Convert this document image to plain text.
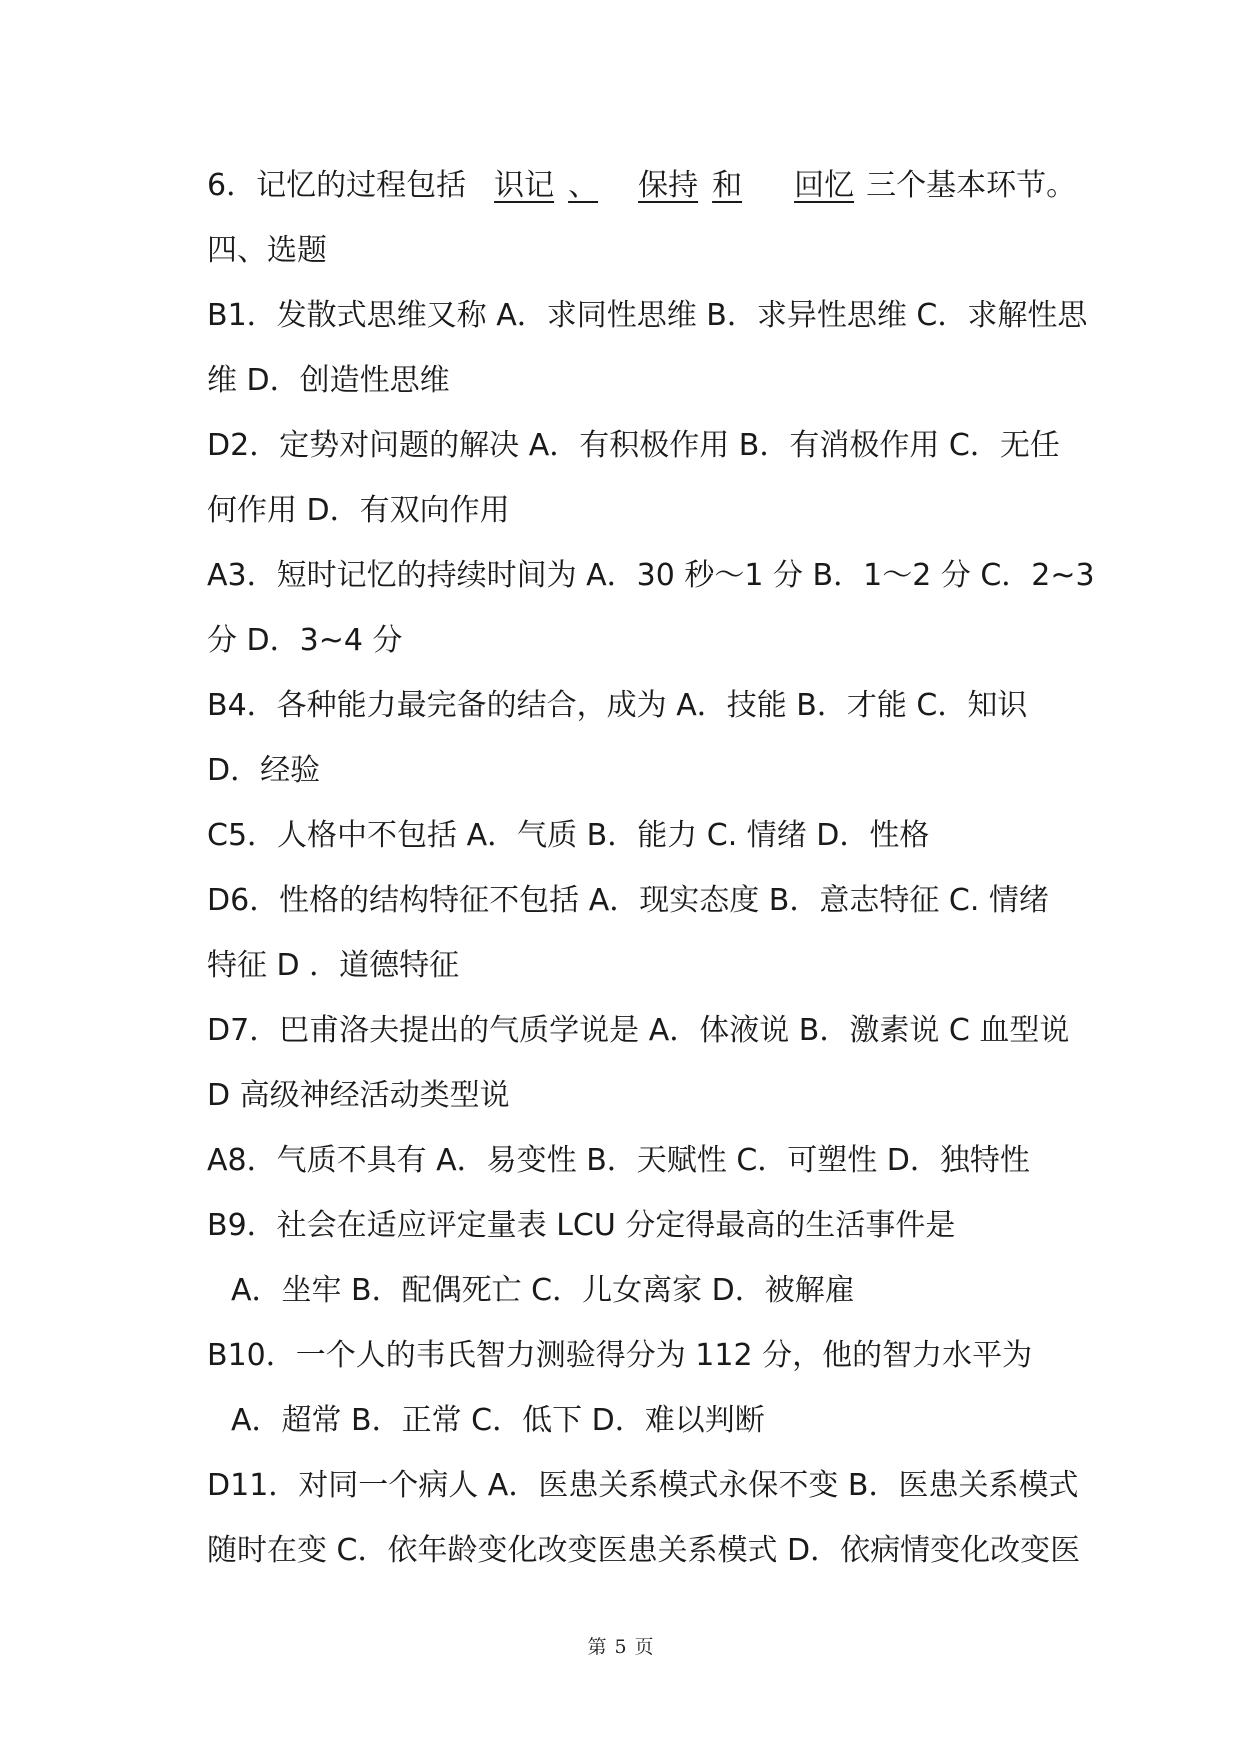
6．记忆的过程包括 识记 、 保持 和 回忆 三个基本环节。
四、选题
B1．发散式思维又称 A．求同性思维 B．求异性思维 C．求解性思
维 D．创造性思维
D2．定势对问题的解决 A．有积极作用 B．有消极作用 C．无任
何作用 D．有双向作用
A3．短时记忆的持续时间为 A．30 秒～1 分 B．1～2 分 C．2~3
分 D．3~4 分
B4．各种能力最完备的结合，成为 A．技能 B．才能 C．知识
D．经验
C5．人格中不包括 A．气质 B．能力 C. 情绪 D．性格
D6．性格的结构特征不包括 A．现实态度 B．意志特征 C. 情绪
特征 D ．道德特征
D7．巴甫洛夫提出的气质学说是 A．体液说 B．激素说 C 血型说
D 高级神经活动类型说
A8．气质不具有 A．易变性 B．天赋性 C．可塑性 D．独特性
B9．社会在适应评定量表 LCU 分定得最高的生活事件是
A．坐牢 B．配偶死亡 C．儿女离家 D．被解雇
B10．一个人的韦氏智力测验得分为 112 分，他的智力水平为
A．超常 B．正常 C．低下 D．难以判断
D11．对同一个病人 A．医患关系模式永保不变 B．医患关系模式
随时在变 C．依年龄变化改变医患关系模式 D．依病情变化改变医
第 5 页
